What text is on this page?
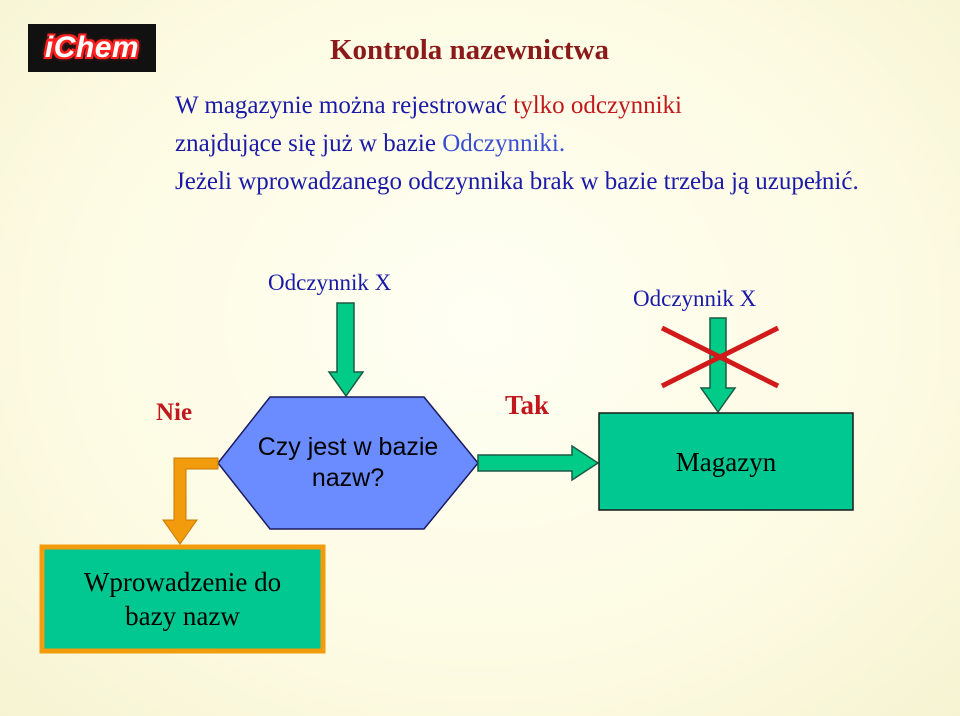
iChem	Kontrola nazewnictwa
W magazynie można rejestrować tylko odczynniki
znajdujące się już w bazie Odczynniki.
Jeżeli wprowadzanego odczynnika brak w bazie trzeba ją uzupełnić.
Odczynnik X
Odczynnik X
Czy jest w bazie nazw?
Tak
Nie
Magazyn
Wprowadzenie do bazy nazw
